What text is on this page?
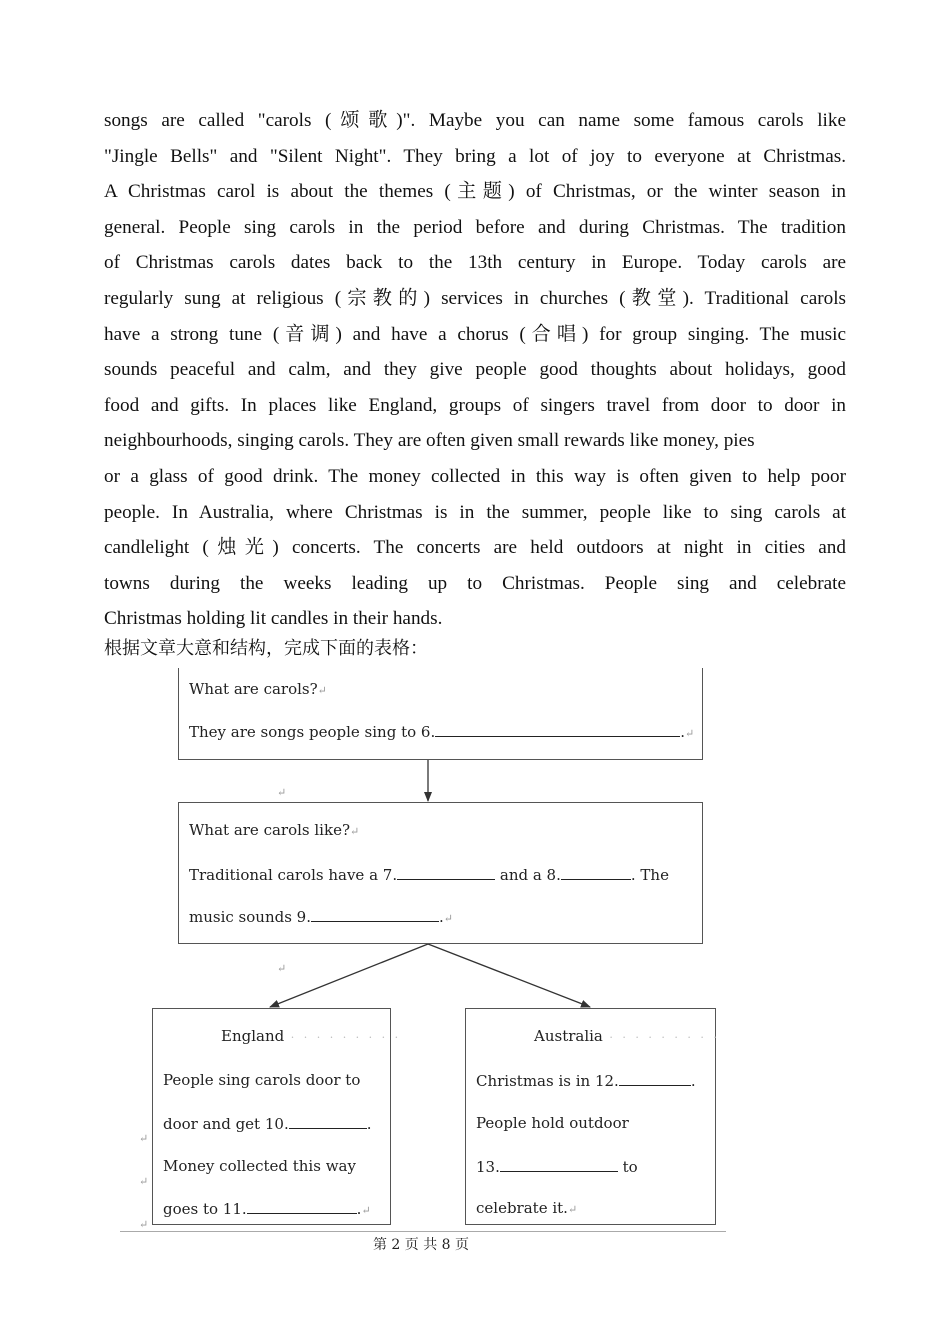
songs are called "carols (颂歌)". Maybe you can name some famous carols like
"Jingle Bells" and "Silent Night". They bring a lot of joy to everyone at Christmas.
A Christmas carol is about the themes (主题) of Christmas, or the winter season in
general. People sing carols in the period before and during Christmas. The tradition
of Christmas carols dates back to the 13th century in Europe. Today carols are
regularly sung at religious (宗教的) services in churches (教堂). Traditional carols
have a strong tune (音调) and have a chorus (合唱) for group singing. The music
sounds peaceful and calm, and they give people good thoughts about holidays, good
food and gifts. In places like England, groups of singers travel from door to door in
neighbourhoods, singing carols. They are often given small rewards like money, pies
or a glass of good drink. The money collected in this way is often given to help poor
people. In Australia, where Christmas is in the summer, people like to sing carols at
candlelight (烛光) concerts. The concerts are held outdoors at night in cities and
towns during the weeks leading up to Christmas. People sing and celebrate
Christmas holding lit candles in their hands.
根据文章大意和结构，完成下面的表格：
What are carols?↵
They are songs people sing to 6.	.↵
↵
What are carols like?↵
Traditional carols have a 7.	and a 8.	. The
music sounds 9.	.↵
↵
England · · · · · · · · ·
People sing carols door to
door and get 10.	.
Money collected this way
goes to 11.	.↵
Australia · · · · · · · · ·
Christmas is in 12.	.
People hold outdoor
13.	to
celebrate it.↵
↵
↵
↵
第 2 页 共 8 页
